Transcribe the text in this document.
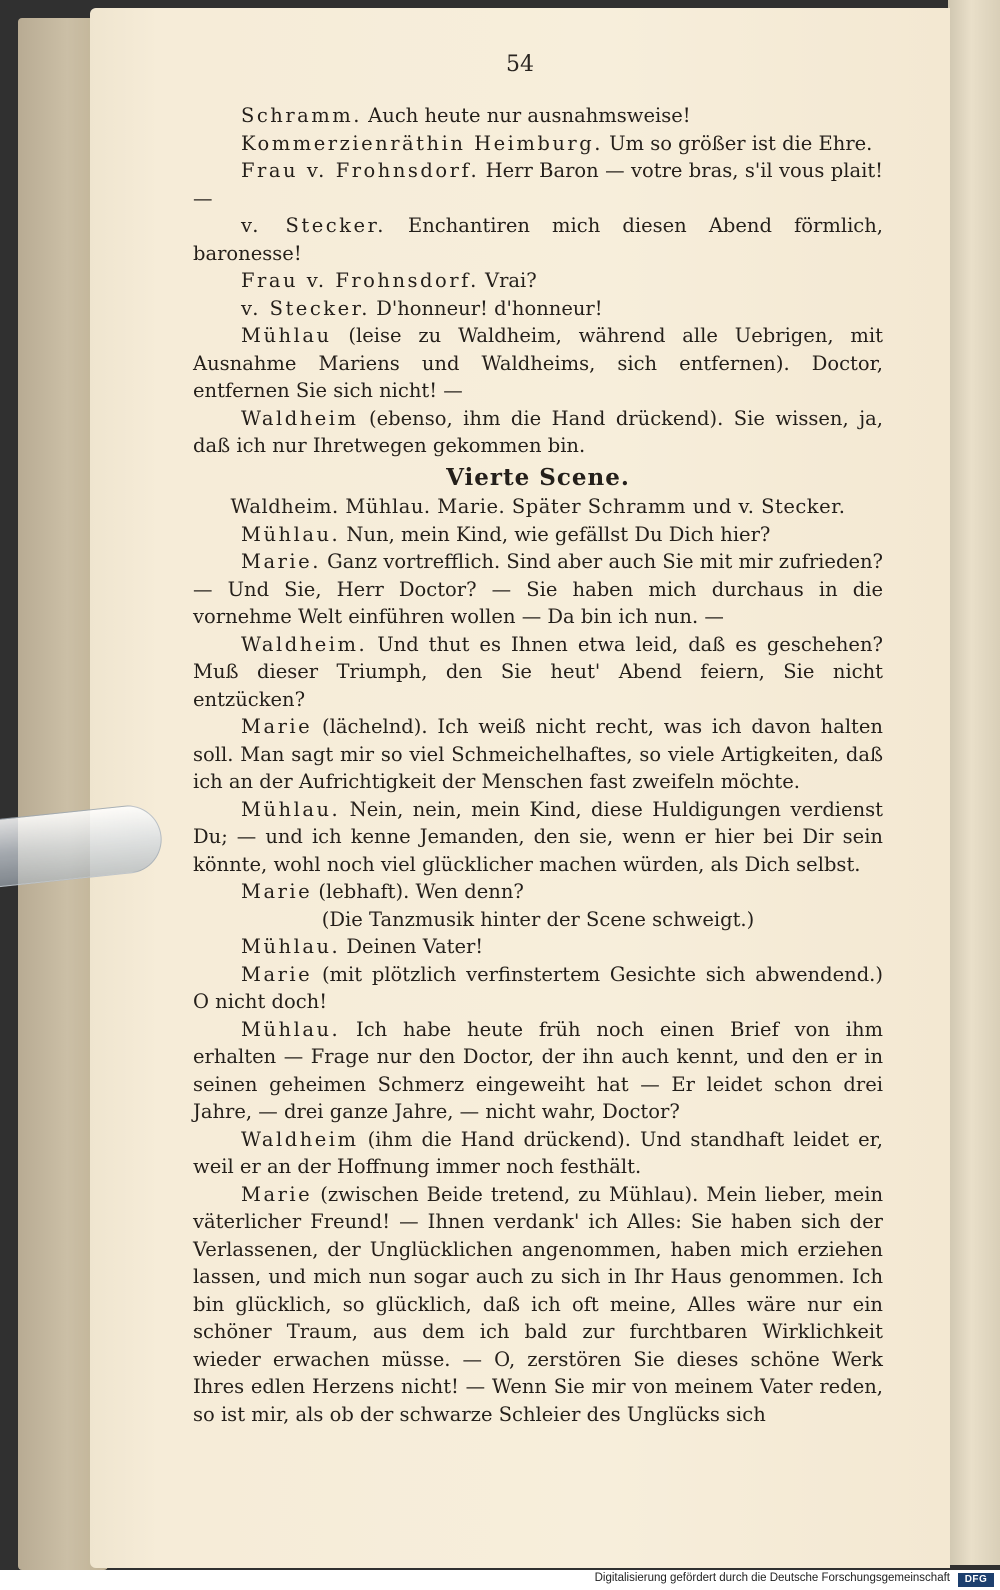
54

Schramm. Auch heute nur ausnahmsweise!

Kommerzienräthin Heimburg. Um so größer ist die Ehre.

Frau v. Frohnsdorf. Herr Baron — votre bras, s'il vous plait! —

v. Stecker. Enchantiren mich diesen Abend förmlich, baronesse!

Frau v. Frohnsdorf. Vrai?

v. Stecker. D'honneur! d'honneur!

Mühlau (leise zu Waldheim, während alle Uebrigen, mit Ausnahme Mariens und Waldheims, sich entfernen). Doctor, entfernen Sie sich nicht! —

Waldheim (ebenso, ihm die Hand drückend). Sie wissen, ja, daß ich nur Ihretwegen gekommen bin.

Vierte Scene.

Waldheim. Mühlau. Marie. Später Schramm und v. Stecker.

Mühlau. Nun, mein Kind, wie gefällst Du Dich hier?

Marie. Ganz vortrefflich. Sind aber auch Sie mit mir zufrieden? — Und Sie, Herr Doctor? — Sie haben mich durchaus in die vornehme Welt einführen wollen — Da bin ich nun. —

Waldheim. Und thut es Ihnen etwa leid, daß es geschehen? Muß dieser Triumph, den Sie heut' Abend feiern, Sie nicht entzücken?

Marie (lächelnd). Ich weiß nicht recht, was ich davon halten soll. Man sagt mir so viel Schmeichelhaftes, so viele Artigkeiten, daß ich an der Aufrichtigkeit der Menschen fast zweifeln möchte.

Mühlau. Nein, nein, mein Kind, diese Huldigungen verdienst Du; — und ich kenne Jemanden, den sie, wenn er hier bei Dir sein könnte, wohl noch viel glücklicher machen würden, als Dich selbst.

Marie (lebhaft). Wen denn?

(Die Tanzmusik hinter der Scene schweigt.)

Mühlau. Deinen Vater!

Marie (mit plötzlich verfinstertem Gesichte sich abwendend.) O nicht doch!

Mühlau. Ich habe heute früh noch einen Brief von ihm erhalten — Frage nur den Doctor, der ihn auch kennt, und den er in seinen geheimen Schmerz eingeweiht hat — Er leidet schon drei Jahre, — drei ganze Jahre, — nicht wahr, Doctor?

Waldheim (ihm die Hand drückend). Und standhaft leidet er, weil er an der Hoffnung immer noch festhält.

Marie (zwischen Beide tretend, zu Mühlau). Mein lieber, mein väterlicher Freund! — Ihnen verdank' ich Alles: Sie haben sich der Verlassenen, der Unglücklichen angenommen, haben mich erziehen lassen, und mich nun sogar auch zu sich in Ihr Haus genommen. Ich bin glücklich, so glücklich, daß ich oft meine, Alles wäre nur ein schöner Traum, aus dem ich bald zur furchtbaren Wirklichkeit wieder erwachen müsse. — O, zerstören Sie dieses schöne Werk Ihres edlen Herzens nicht! — Wenn Sie mir von meinem Vater reden, so ist mir, als ob der schwarze Schleier des Unglücks sich

Digitalisierung gefördert durch die Deutsche Forschungsgemeinschaft	DFG
